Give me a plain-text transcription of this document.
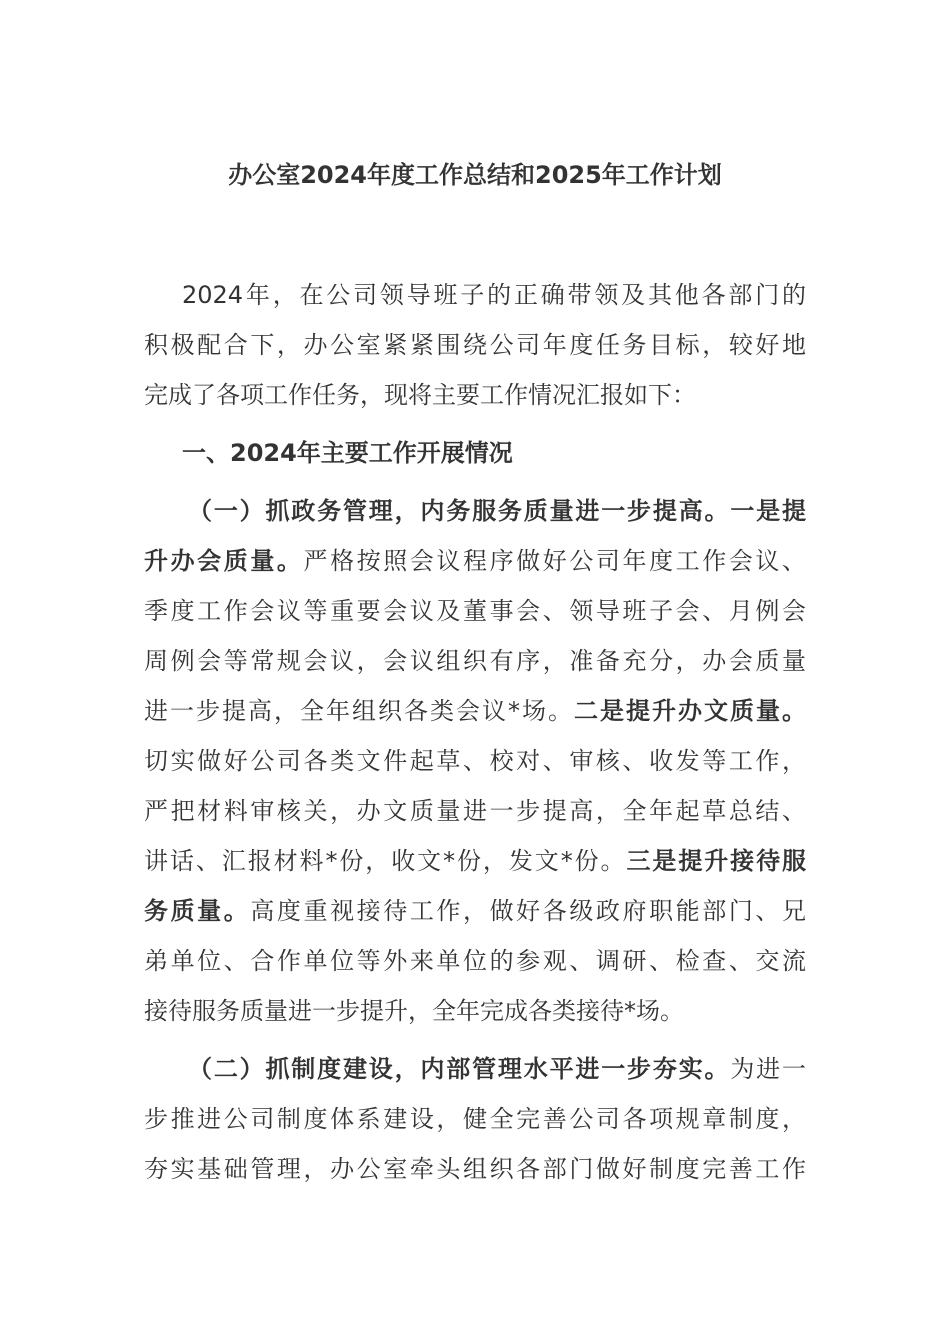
办公室2024年度工作总结和2025年工作计划
2024年，在公司领导班子的正确带领及其他各部门的
积极配合下，办公室紧紧围绕公司年度任务目标，较好地
完成了各项工作任务，现将主要工作情况汇报如下：
一、2024年主要工作开展情况
（一）抓政务管理，内务服务质量进一步提高。一是提
升办会质量。严格按照会议程序做好公司年度工作会议、
季度工作会议等重要会议及董事会、领导班子会、月例会
周例会等常规会议，会议组织有序，准备充分，办会质量
进一步提高，全年组织各类会议*场。二是提升办文质量。
切实做好公司各类文件起草、校对、审核、收发等工作，
严把材料审核关，办文质量进一步提高，全年起草总结、
讲话、汇报材料*份，收文*份，发文*份。三是提升接待服
务质量。高度重视接待工作，做好各级政府职能部门、兄
弟单位、合作单位等外来单位的参观、调研、检查、交流
接待服务质量进一步提升，全年完成各类接待*场。
（二）抓制度建设，内部管理水平进一步夯实。为进一
步推进公司制度体系建设，健全完善公司各项规章制度，
夯实基础管理，办公室牵头组织各部门做好制度完善工作
